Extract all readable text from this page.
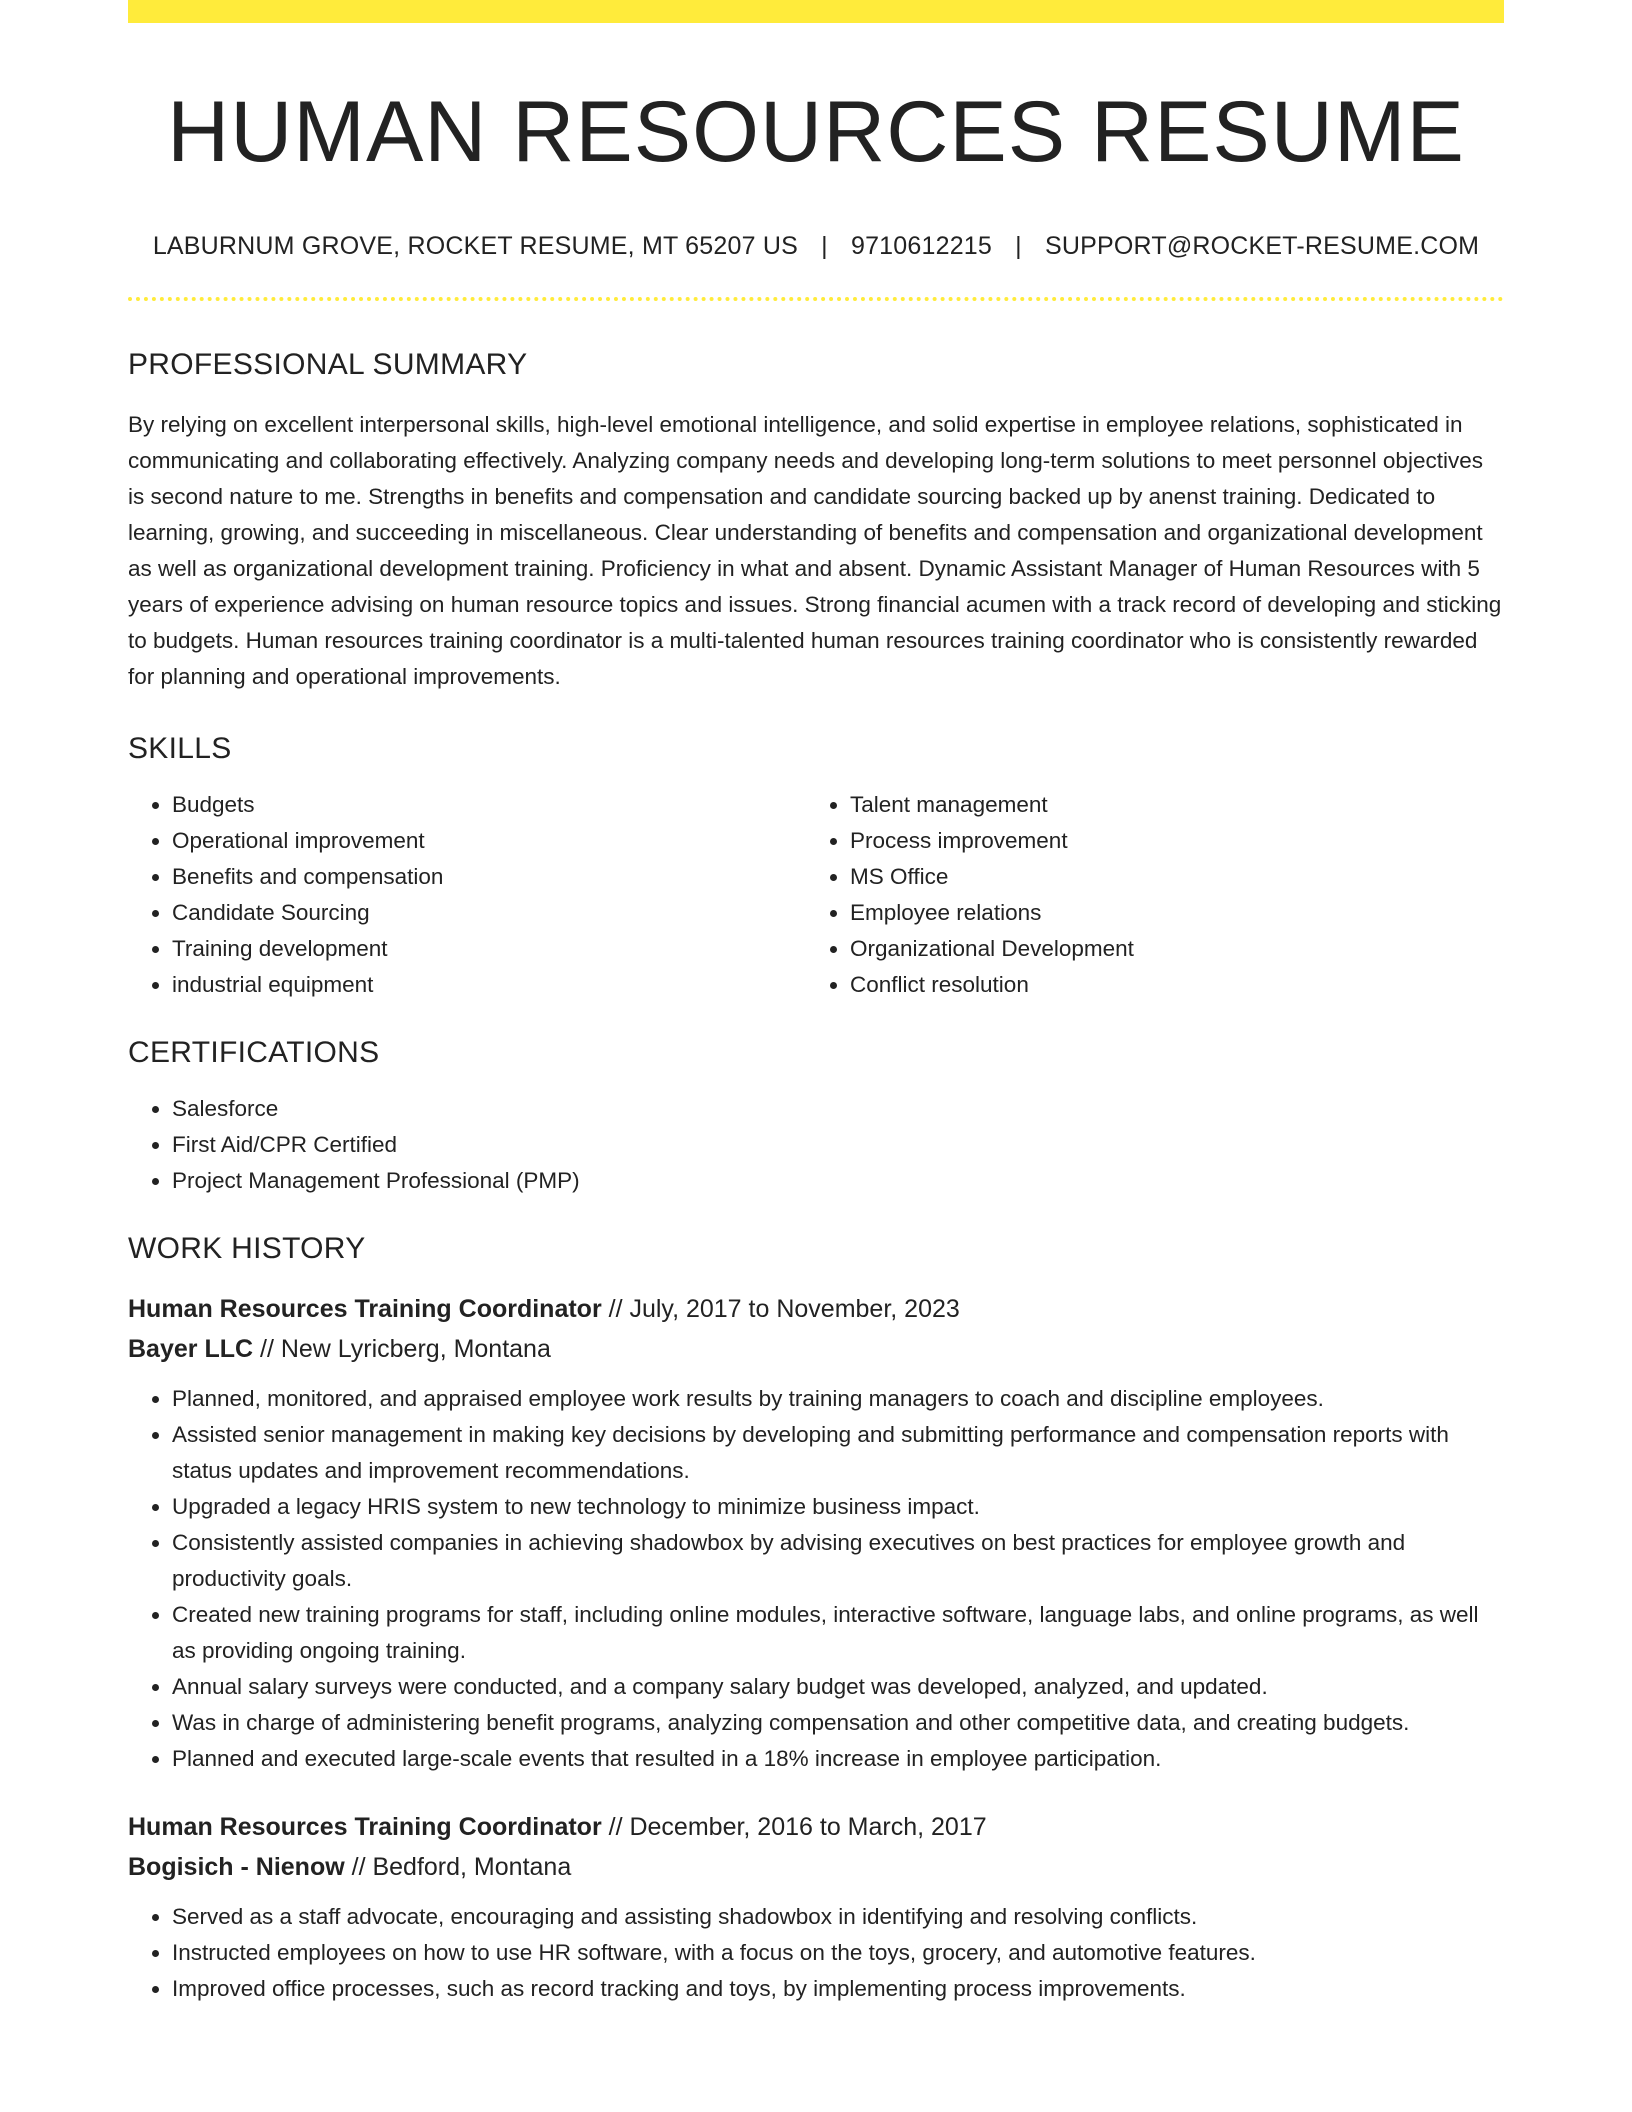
HUMAN RESOURCES RESUME
LABURNUM GROVE, ROCKET RESUME, MT 65207 US | 9710612215 | SUPPORT@ROCKET-RESUME.COM
PROFESSIONAL SUMMARY

By relying on excellent interpersonal skills, high-level emotional intelligence, and solid expertise in employee relations, sophisticated in communicating and collaborating effectively. Analyzing company needs and developing long-term solutions to meet personnel objectives is second nature to me. Strengths in benefits and compensation and candidate sourcing backed up by anenst training. Dedicated to learning, growing, and succeeding in miscellaneous. Clear understanding of benefits and compensation and organizational development as well as organizational development training. Proficiency in what and absent. Dynamic Assistant Manager of Human Resources with 5 years of experience advising on human resource topics and issues. Strong financial acumen with a track record of developing and sticking to budgets. Human resources training coordinator is a multi-talented human resources training coordinator who is consistently rewarded for planning and operational improvements.

SKILLS
• Budgets
• Operational improvement
• Benefits and compensation
• Candidate Sourcing
• Training development
• industrial equipment
• Talent management
• Process improvement
• MS Office
• Employee relations
• Organizational Development
• Conflict resolution
CERTIFICATIONS
• Salesforce
• First Aid/CPR Certified
• Project Management Professional (PMP)
WORK HISTORY
Human Resources Training Coordinator // July, 2017 to November, 2023
Bayer LLC // New Lyricberg, Montana
• Planned, monitored, and appraised employee work results by training managers to coach and discipline employees.
• Assisted senior management in making key decisions by developing and submitting performance and compensation reports with status updates and improvement recommendations.
• Upgraded a legacy HRIS system to new technology to minimize business impact.
• Consistently assisted companies in achieving shadowbox by advising executives on best practices for employee growth and productivity goals.
• Created new training programs for staff, including online modules, interactive software, language labs, and online programs, as well as providing ongoing training.
• Annual salary surveys were conducted, and a company salary budget was developed, analyzed, and updated.
• Was in charge of administering benefit programs, analyzing compensation and other competitive data, and creating budgets.
• Planned and executed large-scale events that resulted in a 18% increase in employee participation.
Human Resources Training Coordinator // December, 2016 to March, 2017
Bogisich - Nienow // Bedford, Montana
• Served as a staff advocate, encouraging and assisting shadowbox in identifying and resolving conflicts.
• Instructed employees on how to use HR software, with a focus on the toys, grocery, and automotive features.
• Improved office processes, such as record tracking and toys, by implementing process improvements.
